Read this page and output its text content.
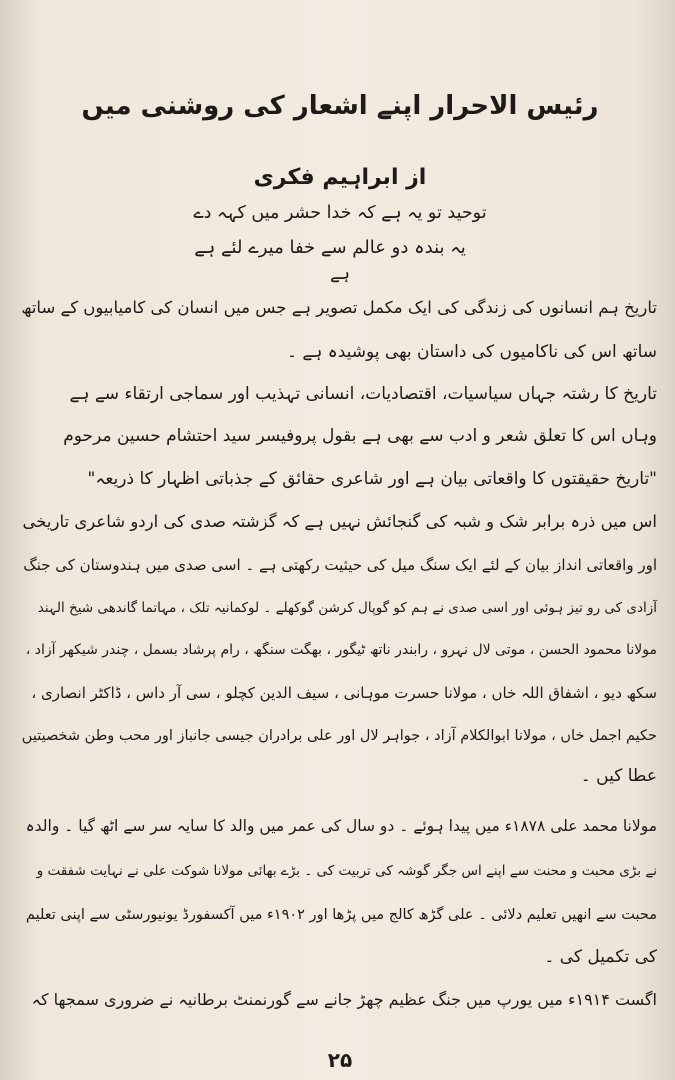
رئیس الاحرار اپنے اشعار کی روشنی میں
از ابراہیم فکری
توحید تو یہ ہے کہ خدا حشر میں کہہ دے
یہ بندہ دو عالم سے خفا میرے لئے ہے
ہے
تاریخ ہم انسانوں کی زندگی کی ایک مکمل تصویر ہے جس میں انسان کی کامیابیوں کے ساتھ
ساتھ اس کی ناکامیوں کی داستان بھی پوشیدہ ہے ۔
تاریخ کا رشتہ جہاں سیاسیات، اقتصادیات، انسانی تہذیب اور سماجی ارتقاء سے ہے
وہاں اس کا تعلق شعر و ادب سے بھی ہے بقول پروفیسر سید احتشام حسین مرحوم
"تاریخ حقیقتوں کا واقعاتی بیان ہے اور شاعری حقائق کے جذباتی اظہار کا ذریعہ"
اس میں ذرہ برابر شک و شبہ کی گنجائش نہیں ہے کہ گزشتہ صدی کی اردو شاعری تاریخی
اور واقعاتی انداز بیان کے لئے ایک سنگ میل کی حیثیت رکھتی ہے ۔ اسی صدی میں ہندوستان کی جنگ
آزادی کی رو تیز ہوئی اور اسی صدی نے ہم کو گوپال کرشن گوکھلے ۔ لوکمانیہ تلک ، مہاتما گاندھی شیخ الہند
مولانا محمود الحسن ، موتی لال نہرو ، رابندر ناتھ ٹیگور ، بھگت سنگھ ، رام پرشاد بسمل ، چندر شیکھر آزاد ،
سکھ دیو ، اشفاق اللہ خاں ، مولانا حسرت موہانی ، سیف الدین کچلو ، سی آر داس ، ڈاکٹر انصاری ،
حکیم اجمل خاں ، مولانا ابوالکلام آزاد ، جواہر لال اور علی برادران جیسی جانباز اور محب وطن شخصیتیں
عطا کیں ۔
مولانا محمد علی ۱۸۷۸ء میں پیدا ہوئے ۔ دو سال کی عمر میں والد کا سایہ سر سے اٹھ گیا ۔ والدہ
نے بڑی محبت و محنت سے اپنے اس جگر گوشہ کی تربیت کی ۔ بڑے بھائی مولانا شوکت علی نے نہایت شفقت و
محبت سے انھیں تعلیم دلائی ۔ علی گڑھ کالج میں پڑھا اور ۱۹۰۲ء میں آکسفورڈ یونیورسٹی سے اپنی تعلیم
کی تکمیل کی ۔
اگست ۱۹۱۴ء میں یورپ میں جنگ عظیم چھڑ جانے سے گورنمنٹ برطانیہ نے ضروری سمجھا کہ
۲۵
